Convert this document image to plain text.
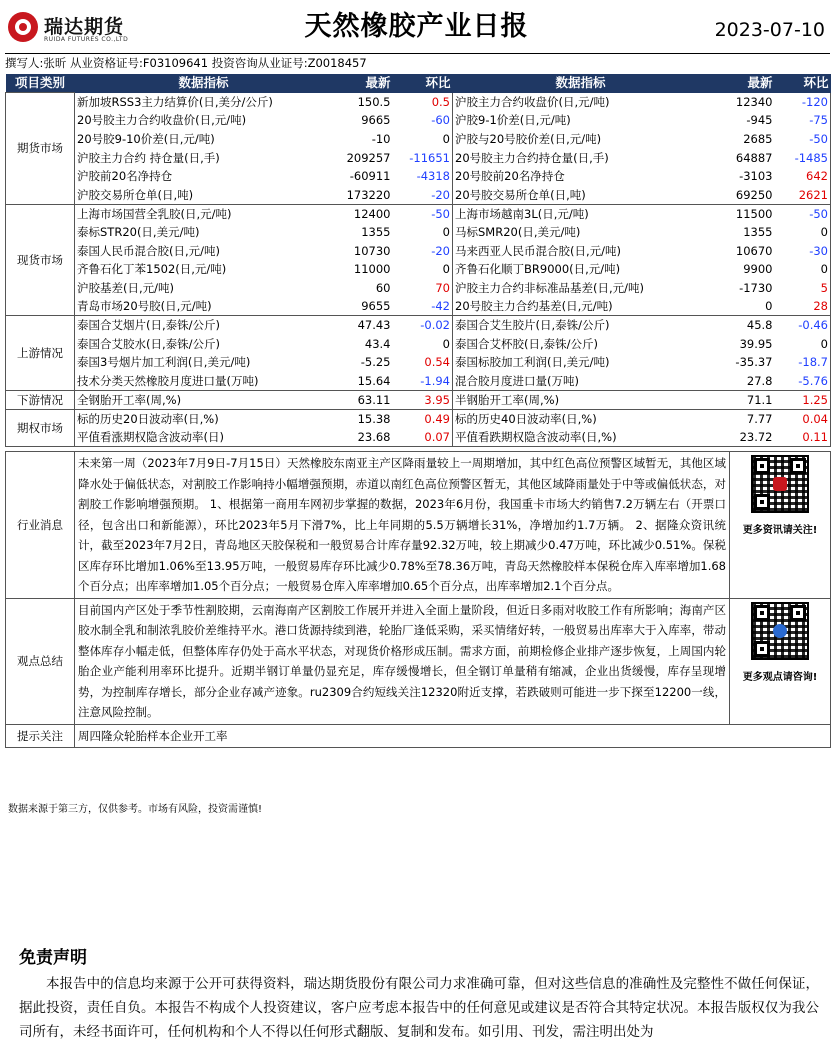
瑞达期货
RUIDA FUTURES CO.,LTD	天然橡胶产业日报	2023-07-10
撰写人:张昕 从业资格证号:F03109641 投资咨询从业证号:Z0018457
项目类别	数据指标	最新	环比	数据指标	最新	环比
期货市场	新加坡RSS3主力结算价(日,美分/公斤)	150.5	0.5	沪胶主力合约收盘价(日,元/吨)	12340	-120
	20号胶主力合约收盘价(日,元/吨)	9665	-60	沪胶9-1价差(日,元/吨)	-945	-75
	20号胶9-10价差(日,元/吨)	-10	0	沪胶与20号胶价差(日,元/吨)	2685	-50
	沪胶主力合约 持仓量(日,手)	209257	-11651	20号胶主力合约持仓量(日,手)	64887	-1485
	沪胶前20名净持仓	-60911	-4318	20号胶前20名净持仓	-3103	642
	沪胶交易所仓单(日,吨)	173220	-20	20号胶交易所仓单(日,吨)	69250	2621
现货市场	上海市场国营全乳胶(日,元/吨)	12400	-50	上海市场越南3L(日,元/吨)	11500	-50
	泰标STR20(日,美元/吨)	1355	0	马标SMR20(日,美元/吨)	1355	0
	泰国人民币混合胶(日,元/吨)	10730	-20	马来西亚人民币混合胶(日,元/吨)	10670	-30
	齐鲁石化丁苯1502(日,元/吨)	11000	0	齐鲁石化顺丁BR9000(日,元/吨)	9900	0
	沪胶基差(日,元/吨)	60	70	沪胶主力合约非标准品基差(日,元/吨)	-1730	5
	青岛市场20号胶(日,元/吨)	9655	-42	20号胶主力合约基差(日,元/吨)	0	28
上游情况	泰国合艾烟片(日,泰铢/公斤)	47.43	-0.02	泰国合艾生胶片(日,泰铢/公斤)	45.8	-0.46
	泰国合艾胶水(日,泰铢/公斤)	43.4	0	泰国合艾杯胶(日,泰铢/公斤)	39.95	0
	泰国3号烟片加工利润(日,美元/吨)	-5.25	0.54	泰国标胶加工利润(日,美元/吨)	-35.37	-18.7
	技术分类天然橡胶月度进口量(万吨)	15.64	-1.94	混合胶月度进口量(万吨)	27.8	-5.76
下游情况	全钢胎开工率(周,%)	63.11	3.95	半钢胎开工率(周,%)	71.1	1.25
期权市场	标的历史20日波动率(日,%)	15.38	0.49	标的历史40日波动率(日,%)	7.77	0.04
	平值看涨期权隐含波动率(日)	23.68	0.07	平值看跌期权隐含波动率(日,%)	23.72	0.11
行业消息	未来第一周（2023年7月9日-7月15日）天然橡胶东南亚主产区降雨量较上一周期增加，其中红色高位预警区域暂无，其他区域降水处于偏低状态，对割胶工作影响持小幅增强预期，赤道以南红色高位预警区暂无，其他区域降雨量处于中等或偏低状态，对割胶工作影响增强预期。 1、根据第一商用车网初步掌握的数据，2023年6月份，我国重卡市场大约销售7.2万辆左右（开票口径，包含出口和新能源），环比2023年5月下滑7%，比上年同期的5.5万辆增长31%，净增加约1.7万辆。 2、据隆众资讯统计，截至2023年7月2日，青岛地区天胶保税和一般贸易合计库存量92.32万吨，较上期减少0.47万吨，环比减少0.51%。保税区库存环比增加1.06%至13.95万吨，一般贸易库存环比减少0.78%至78.36万吨，青岛天然橡胶样本保税仓库入库率增加1.68个百分点；出库率增加1.05个百分点；一般贸易仓库入库率增加0.65个百分点，出库率增加2.1个百分点。	更多资讯请关注!

观点总结	目前国内产区处于季节性割胶期，云南海南产区割胶工作展开并进入全面上量阶段，但近日多雨对收胶工作有所影响；海南产区胶水制全乳和制浓乳胶价差维持平水。港口货源持续到港，轮胎厂逢低采购，采买情绪好转，一般贸易出库率大于入库率，带动整体库存小幅走低，但整体库存仍处于高水平状态，对现货价格形成压制。需求方面，前期检修企业排产逐步恢复，上周国内轮胎企业产能利用率环比提升。近期半钢订单量仍显充足，库存缓慢增长，但全钢订单量稍有缩减，企业出货缓慢，库存呈现增势，为控制库存增长，部分企业存减产迹象。ru2309合约短线关注12320附近支撑，若跌破则可能进一步下探至12200一线，注意风险控制。	更多观点请咨询!

提示关注	周四隆众轮胎样本企业开工率	
数据来源于第三方，仅供参考。市场有风险，投资需谨慎!
免责声明
本报告中的信息均来源于公开可获得资料，瑞达期货股份有限公司力求准确可靠，但对这些信息的准确性及完整性不做任何保证，据此投资，责任自负。本报告不构成个人投资建议，客户应考虑本报告中的任何意见或建议是否符合其特定状况。本报告版权仅为我公司所有，未经书面许可，任何机构和个人不得以任何形式翻版、复制和发布。如引用、刊发，需注明出处为
